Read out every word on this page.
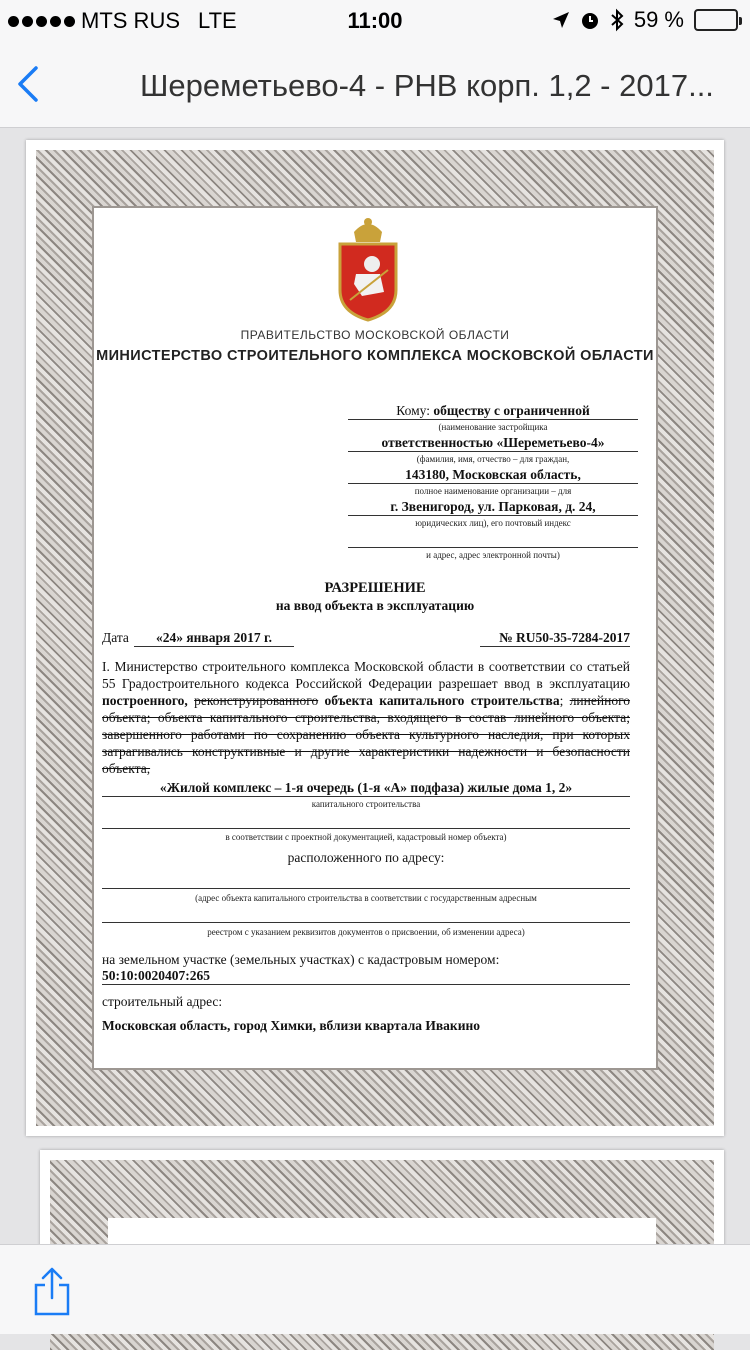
MTS RUS LTE	11:00	59 %
Шереметьево-4 - РНВ корп. 1,2 - 2017...
ПРАВИТЕЛЬСТВО МОСКОВСКОЙ ОБЛАСТИ
МИНИСТЕРСТВО СТРОИТЕЛЬНОГО КОМПЛЕКСА МОСКОВСКОЙ ОБЛАСТИ
Кому: обществу с ограниченной
(наименование застройщика
ответственностью «Шереметьево-4»
(фамилия, имя, отчество – для граждан,
143180, Московская область,
полное наименование организации – для
г. Звенигород, ул. Парковая, д. 24,
юридических лиц), его почтовый индекс
и адрес, адрес электронной почты)
РАЗРЕШЕНИЕ
на ввод объекта в эксплуатацию
Дата	«24» января 2017 г.	№ RU50-35-7284-2017
I. Министерство строительного комплекса Московской области в соответствии со статьей 55 Градостроительного кодекса Российской Федерации разрешает ввод в эксплуатацию построенного, реконструированного объекта капитального строительства; линейного объекта; объекта капитального строительства, входящего в состав линейного объекта; завершенного работами по сохранению объекта культурного наследия, при которых затрагивались конструктивные и другие характеристики надежности и безопасности объекта,
«Жилой комплекс – 1-я очередь (1-я «А» подфаза) жилые дома 1, 2»
капитального строительства
в соответствии с проектной документацией, кадастровый номер объекта)
расположенного по адресу:
(адрес объекта капитального строительства в соответствии с государственным адресным
реестром с указанием реквизитов документов о присвоении, об изменении адреса)
на земельном участке (земельных участках) с кадастровым номером:
50:10:0020407:265
строительный адрес:
Московская область, город Химки, вблизи квартала Ивакино
